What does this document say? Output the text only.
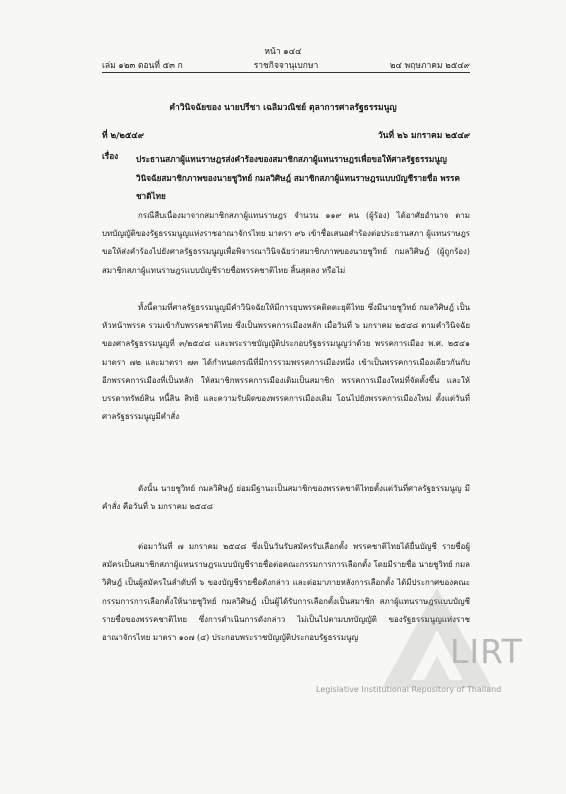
หน้า ๑๔๔
ราชกิจจานุเบกษา
เล่ม ๑๒๓ ตอนที่ ๕๓ ก	๒๔ พฤษภาคม ๒๕๔๙
คำวินิจฉัยของ นายปรีชา เฉลิมวณิชย์ ตุลาการศาลรัฐธรรมนูญ
ที่ ๒/๒๕๔๙	วันที่ ๒๖ มกราคม ๒๕๔๙
เรื่อง ประธานสภาผู้แทนราษฎรส่งคำร้องของสมาชิกสภาผู้แทนราษฎรเพื่อขอให้ศาลรัฐธรรมนูญ วินิจฉัยสมาชิกภาพของนายชูวิทย์ กมลวิศิษฎ์ สมาชิกสภาผู้แทนราษฎรแบบบัญชีรายชื่อ พรรคชาติไทย

กรณีสืบเนื่องมาจากสมาชิกสภาผู้แทนราษฎร จำนวน ๑๑๙ คน (ผู้ร้อง) ได้อาศัยอำนาจ ตามบทบัญญัติของรัฐธรรมนูญแห่งราชอาณาจักรไทย มาตรา ๙๖ เข้าชื่อเสนอคำร้องต่อประธานสภา ผู้แทนราษฎร ขอให้ส่งคำร้องไปยังศาลรัฐธรรมนูญเพื่อพิจารณาวินิจฉัยว่าสมาชิกภาพของนายชูวิทย์ กมลวิศิษฎ์ (ผู้ถูกร้อง) สมาชิกสภาผู้แทนราษฎรแบบบัญชีรายชื่อพรรคชาติไทย สิ้นสุดลง หรือไม่

ทั้งนี้ตามที่ศาลรัฐธรรมนูญมีคำวินิจฉัยให้มีการยุบพรรคติดตะยุติไทย ซึ่งมีนายชูวิทย์ กมลวิศิษฎ์ เป็นหัวหน้าพรรค รวมเข้ากับพรรคชาติไทย ซึ่งเป็นพรรคการเมืองหลัก เมื่อวันที่ ๖ มกราคม ๒๕๔๘ ตามคำวินิจฉัยของศาลรัฐธรรมนูญที่ ๓/๒๕๔๘ และพระราชบัญญัติประกอบรัฐธรรมนูญว่าด้วย พรรคการเมือง พ.ศ. ๒๕๔๑ มาตรา ๗๒ และมาตรา ๗๓ ได้กำหนดกรณีที่มีการรวมพรรคการเมืองหนึ่ง เข้าเป็นพรรคการเมืองเดียวกันกับอีกพรรคการเมืองที่เป็นหลัก ให้สมาชิกพรรคการเมืองเดิมเป็นสมาชิก พรรคการเมืองใหม่ที่จัดตั้งขึ้น และให้บรรดาทรัพย์สิน หนี้สิน สิทธิ และความรับผิดของพรรคการเมืองเดิม โอนไปยังพรรคการเมืองใหม่ ตั้งแต่วันที่ศาลรัฐธรรมนูญมีคำสั่ง

ดังนั้น นายชูวิทย์ กมลวิศิษฎ์ ย่อมมีฐานะเป็นสมาชิกของพรรคชาติไทยตั้งแต่วันที่ศาลรัฐธรรมนูญ มีคำสั่ง คือวันที่ ๖ มกราคม ๒๕๔๘

ต่อมาวันที่ ๗ มกราคม ๒๕๔๘ ซึ่งเป็นวันรับสมัครรับเลือกตั้ง พรรคชาติไทยได้ยื่นบัญชี รายชื่อผู้สมัครเป็นสมาชิกสภาผู้แทนราษฎรแบบบัญชีรายชื่อต่อคณะกรรมการการเลือกตั้ง โดยมีรายชื่อ นายชูวิทย์ กมลวิศิษฎ์ เป็นผู้สมัครในลำดับที่ ๖ ของบัญชีรายชื่อดังกล่าว และต่อมาภายหลังการเลือกตั้ง ได้มีประกาศของคณะกรรมการการเลือกตั้งให้นายชูวิทย์ กมลวิศิษฎ์ เป็นผู้ได้รับการเลือกตั้งเป็นสมาชิก สภาผู้แทนราษฎรแบบบัญชีรายชื่อของพรรคชาติไทย ซึ่งการดำเนินการดังกล่าว ไม่เป็นไปตามบทบัญญัติ ของรัฐธรรมนูญแห่งราชอาณาจักรไทย มาตรา ๑๐๗ (๔) ประกอบพระราชบัญญัติประกอบรัฐธรรมนูญ	LIRT
Legislative Institutional Repository of Thailand
